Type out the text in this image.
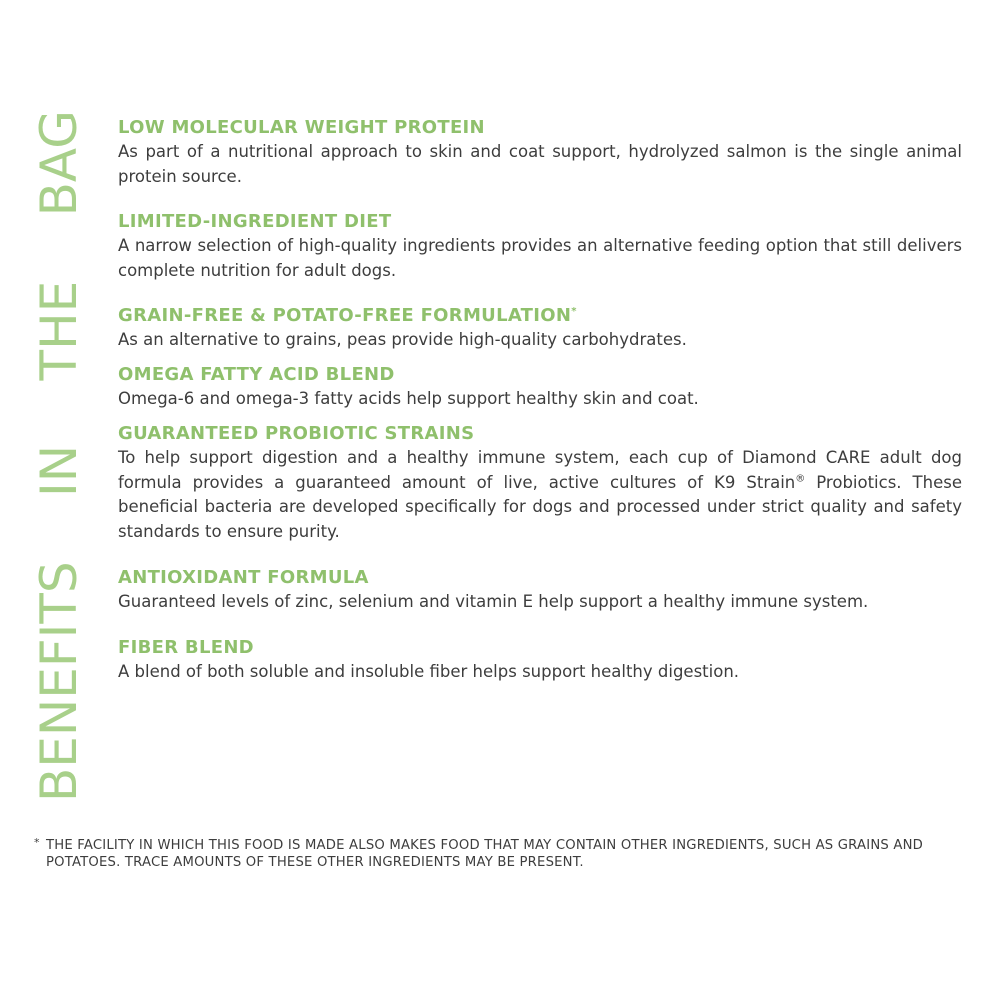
BENEFITS IN THE BAG LOW MOLECULAR WEIGHT PROTEIN
As part of a nutritional approach to skin and coat support, hydrolyzed salmon is the single animal protein source.
LIMITED-INGREDIENT DIET
A narrow selection of high-quality ingredients provides an alternative feeding option that still delivers complete nutrition for adult dogs.
GRAIN-FREE & POTATO-FREE FORMULATION*
As an alternative to grains, peas provide high-quality carbohydrates.
OMEGA FATTY ACID BLEND
Omega-6 and omega-3 fatty acids help support healthy skin and coat.
GUARANTEED PROBIOTIC STRAINS
To help support digestion and a healthy immune system, each cup of Diamond CARE adult dog formula provides a guaranteed amount of live, active cultures of K9 Strain® Probiotics. These beneficial bacteria are developed specifically for dogs and processed under strict quality and safety standards to ensure purity.
ANTIOXIDANT FORMULA
Guaranteed levels of zinc, selenium and vitamin E help support a healthy immune system.
FIBER BLEND
A blend of both soluble and insoluble fiber helps support healthy digestion.
* THE FACILITY IN WHICH THIS FOOD IS MADE ALSO MAKES FOOD THAT MAY CONTAIN OTHER INGREDIENTS, SUCH AS GRAINS AND POTATOES. TRACE AMOUNTS OF THESE OTHER INGREDIENTS MAY BE PRESENT.
